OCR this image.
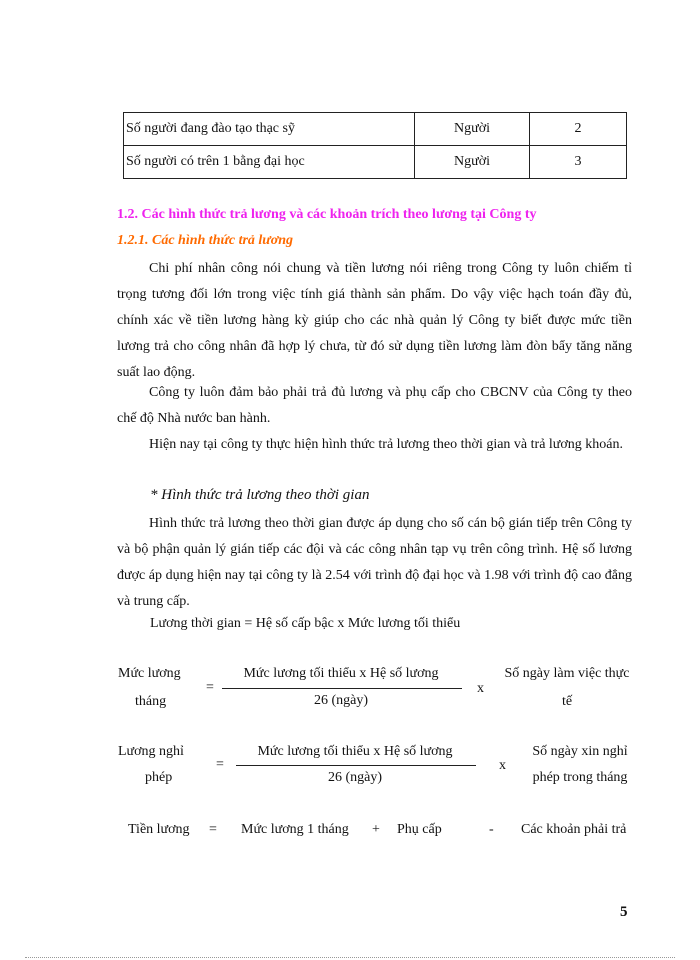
Số người đang đào tạo thạc sỹ	Người	2
Số người có trên 1 bằng đại học	Người	3

1.2. Các hình thức trả lương và các khoản trích theo lương tại Công ty

1.2.1. Các hình thức trả lương

Chi phí nhân công nói chung và tiền lương nói riêng trong Công ty luôn chiếm tỉ trọng tương đối lớn trong việc tính giá thành sản phẩm. Do vậy việc hạch toán đầy đủ, chính xác về tiền lương hàng kỳ giúp cho các nhà quản lý Công ty biết được mức tiền lương trả cho công nhân đã hợp lý chưa, từ đó sử dụng tiền lương làm đòn bẩy tăng năng suất lao động.

Công ty luôn đảm bảo phải trả đủ lương và phụ cấp cho CBCNV của Công ty theo chế độ Nhà nước ban hành.

Hiện nay tại công ty thực hiện hình thức trả lương theo thời gian và trả lương khoán.

* Hình thức trả lương theo thời gian

Hình thức trả lương theo thời gian được áp dụng cho số cán bộ gián tiếp trên Công ty và bộ phận quản lý gián tiếp các đội và các công nhân tạp vụ trên công trình. Hệ số lương được áp dụng hiện nay tại công ty là 2.54 với trình độ đại học và 1.98 với trình độ cao đẳng và trung cấp.

Lương thời gian = Hệ số cấp bậc x Mức lương tối thiểu

Mức lương

tháng

=

Mức lương tối thiểu x Hệ số lương

26 (ngày)

x

Số ngày làm việc thực

tế

Lương nghỉ

phép

=

Mức lương tối thiểu x Hệ số lương

26 (ngày)

x

Số ngày xin nghỉ

phép trong tháng

Tiền lương = Mức lương 1 tháng + Phụ cấp	- Các khoản phải trả

5
